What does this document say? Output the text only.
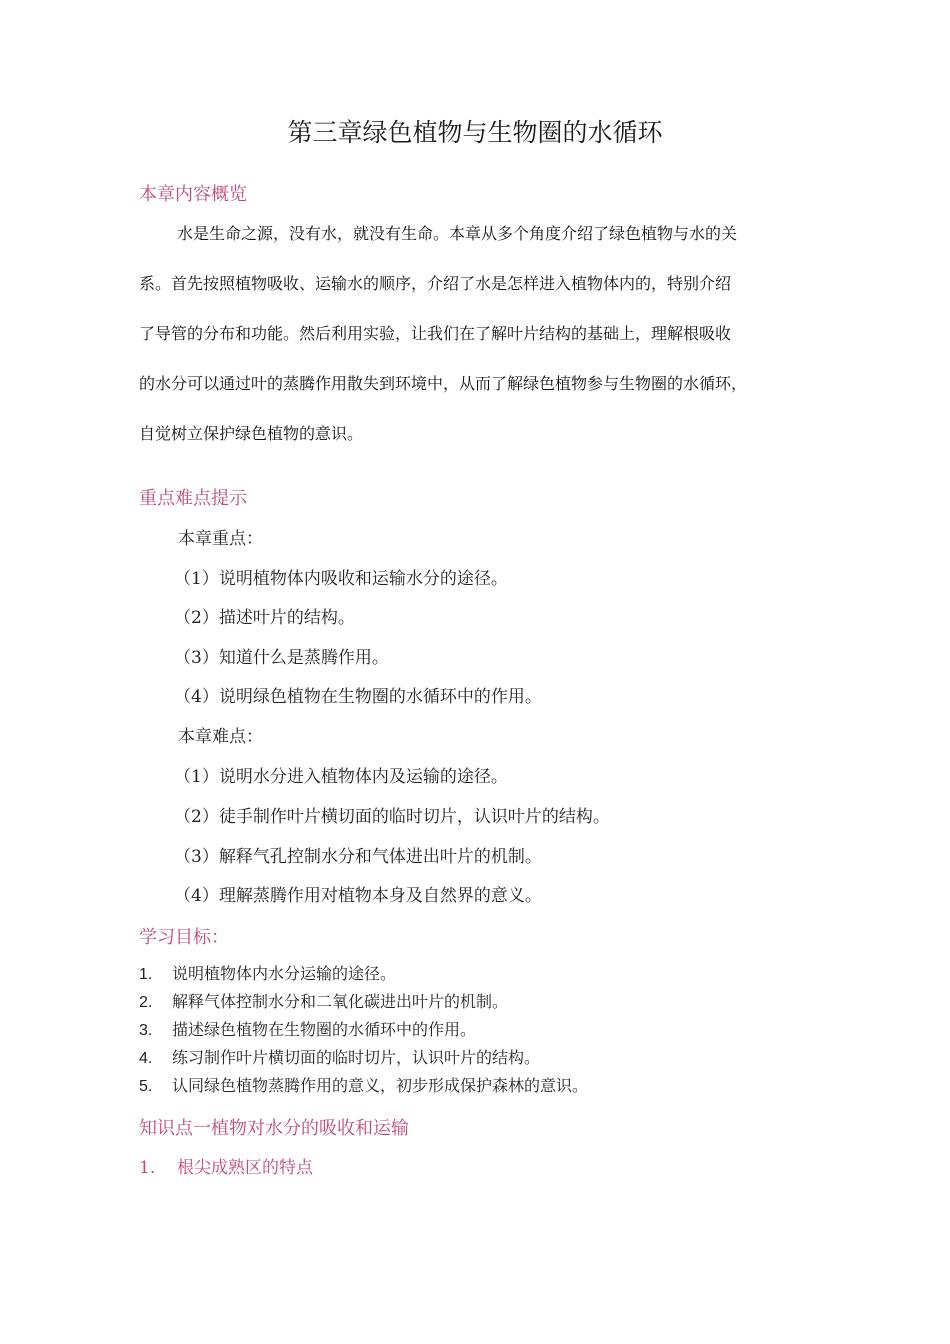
第三章绿色植物与生物圈的水循环
本章内容概览
水是生命之源，没有水，就没有生命。本章从多个角度介绍了绿色植物与水的关
系。首先按照植物吸收、运输水的顺序，介绍了水是怎样进入植物体内的，特别介绍
了导管的分布和功能。然后利用实验，让我们在了解叶片结构的基础上，理解根吸收
的水分可以通过叶的蒸腾作用散失到环境中，从而了解绿色植物参与生物圈的水循环，
自觉树立保护绿色植物的意识。
重点难点提示
本章重点：
（1）说明植物体内吸收和运输水分的途径。
（2）描述叶片的结构。
（3）知道什么是蒸腾作用。
（4）说明绿色植物在生物圈的水循环中的作用。
本章难点：
（1）说明水分进入植物体内及运输的途径。
（2）徒手制作叶片横切面的临时切片，认识叶片的结构。
（3）解释气孔控制水分和气体进出叶片的机制。
（4）理解蒸腾作用对植物本身及自然界的意义。
学习目标：
1. 说明植物体内水分运输的途径。
2. 解释气体控制水分和二氧化碳进出叶片的机制。
3. 描述绿色植物在生物圈的水循环中的作用。
4. 练习制作叶片横切面的临时切片，认识叶片的结构。
5. 认同绿色植物蒸腾作用的意义，初步形成保护森林的意识。
知识点一植物对水分的吸收和运输
1. 根尖成熟区的特点
